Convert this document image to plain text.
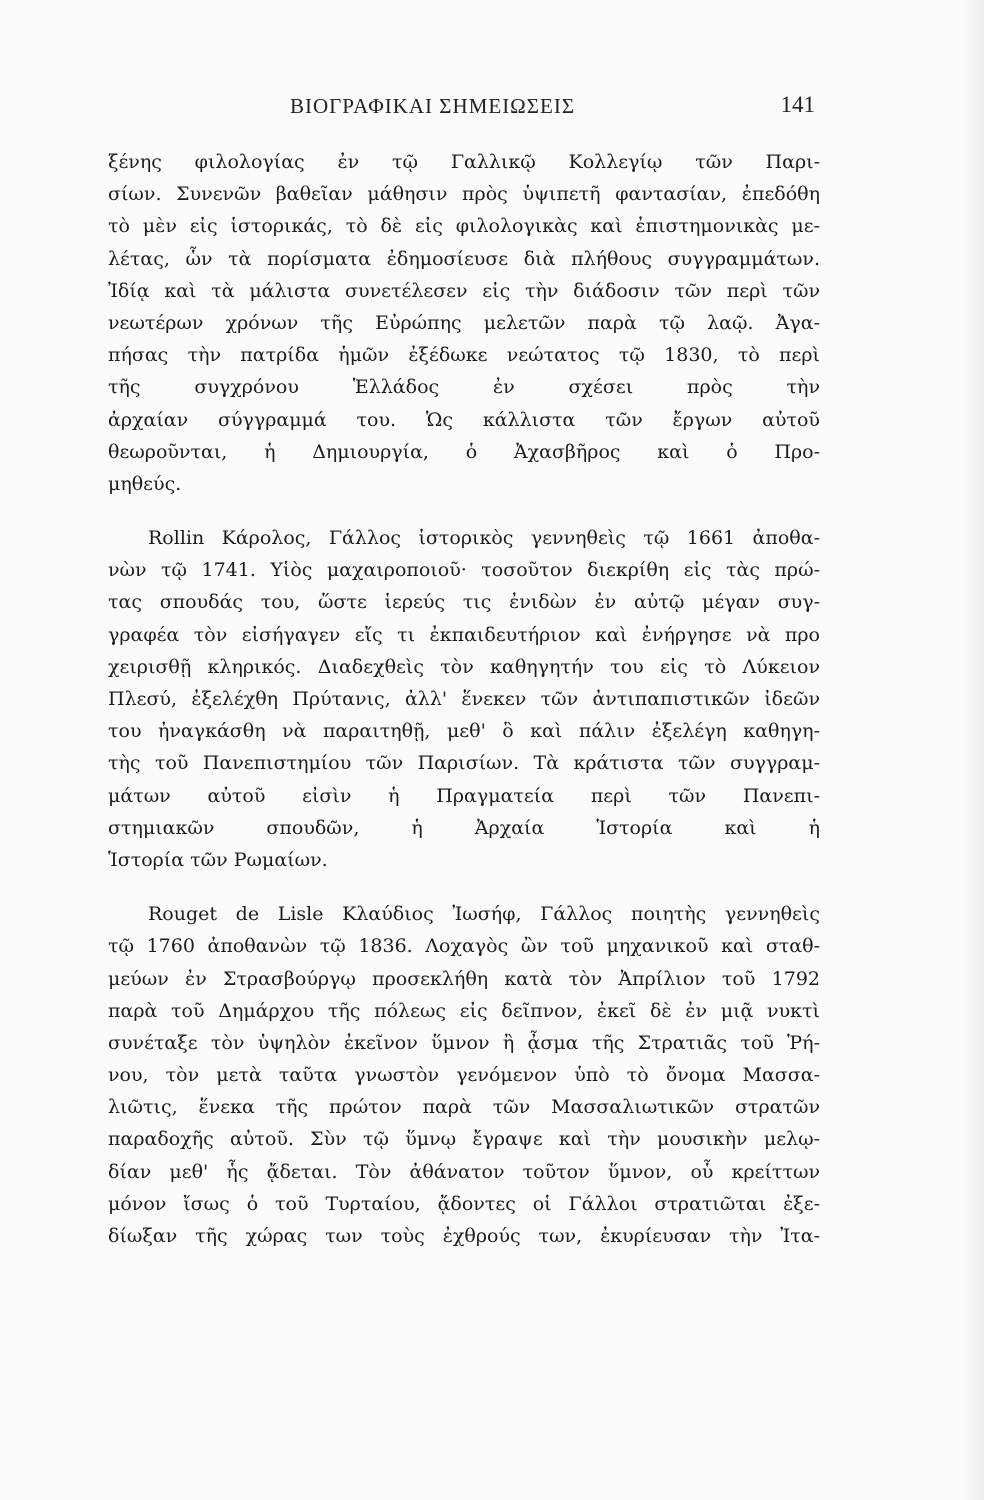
ΒΙΟΓΡΑΦΙΚΑΙ ΣΗΜΕΙΩΣΕΙΣ	141
ξένης φιλολογίας ἐν τῷ Γαλλικῷ Κολλεγίῳ τῶν Παρι-
σίων. Συνενῶν βαθεῖαν μάθησιν πρὸς ὑψιπετῆ φαντασίαν, ἐπεδόθη
τὸ μὲν εἰς ἱστορικάς, τὸ δὲ εἰς φιλολογικὰς καὶ ἐπιστημονικὰς με-
λέτας, ὧν τὰ πορίσματα ἐδημοσίευσε διὰ πλήθους συγγραμμάτων.
Ἰδίᾳ καὶ τὰ μάλιστα συνετέλεσεν εἰς τὴν διάδοσιν τῶν περὶ τῶν
νεωτέρων χρόνων τῆς Εὐρώπης μελετῶν παρὰ τῷ λαῷ. Ἀγα-
πήσας τὴν πατρίδα ἡμῶν ἐξέδωκε νεώτατος τῷ 1830, τὸ περὶ
τῆς συγχρόνου Ἑλλάδος ἐν σχέσει πρὸς τὴν
ἀρχαίαν σύγγραμμά του. Ὡς κάλλιστα τῶν ἔργων αὐτοῦ
θεωροῦνται, ἡ Δημιουργία, ὁ Ἀχασβῆρος καὶ ὁ Προ-
μηθεύς.
Rollin Κάρολος, Γάλλος ἱστορικὸς γεννηθεὶς τῷ 1661 ἀποθα-
νὼν τῷ 1741. Υἱὸς μαχαιροποιοῦ· τοσοῦτον διεκρίθη εἰς τὰς πρώ-
τας σπουδάς του, ὥστε ἱερεύς τις ἐνιδὼν ἐν αὐτῷ μέγαν συγ-
γραφέα τὸν εἰσήγαγεν εἴς τι ἐκπαιδευτήριον καὶ ἐνήργησε νὰ προ
χειρισθῇ κληρικός. Διαδεχθεὶς τὸν καθηγητήν του εἰς τὸ Λύκειον
Πλεσύ, ἐξελέχθη Πρύτανις, ἀλλ' ἕνεκεν τῶν ἀντιπαπιστικῶν ἰδεῶν
του ἠναγκάσθη νὰ παραιτηθῇ, μεθ' ὃ καὶ πάλιν ἐξελέγη καθηγη-
τὴς τοῦ Πανεπιστημίου τῶν Παρισίων. Τὰ κράτιστα τῶν συγγραμ-
μάτων αὐτοῦ εἰσὶν ἡ Πραγματεία περὶ τῶν Πανεπι-
στημιακῶν σπουδῶν, ἡ Ἀρχαία Ἱστορία καὶ ἡ
Ἱστορία τῶν Ρωμαίων.
Rouget de Lisle Κλαύδιος Ἰωσήφ, Γάλλος ποιητὴς γεννηθεὶς
τῷ 1760 ἀποθανὼν τῷ 1836. Λοχαγὸς ὢν τοῦ μηχανικοῦ καὶ σταθ-
μεύων ἐν Στρασβούργῳ προσεκλήθη κατὰ τὸν Ἀπρίλιον τοῦ 1792
παρὰ τοῦ Δημάρχου τῆς πόλεως εἰς δεῖπνον, ἐκεῖ δὲ ἐν μιᾷ νυκτὶ
συνέταξε τὸν ὑψηλὸν ἐκεῖνον ὕμνον ἢ ᾆσμα τῆς Στρατιᾶς τοῦ Ῥή-
νου, τὸν μετὰ ταῦτα γνωστὸν γενόμενον ὑπὸ τὸ ὄνομα Μασσα-
λιῶτις, ἕνεκα τῆς πρώτον παρὰ τῶν Μασσαλιωτικῶν στρατῶν
παραδοχῆς αὐτοῦ. Σὺν τῷ ὕμνῳ ἔγραψε καὶ τὴν μουσικὴν μελῳ-
δίαν μεθ' ἧς ᾄδεται. Τὸν ἀθάνατον τοῦτον ὕμνον, οὗ κρείττων
μόνον ἴσως ὁ τοῦ Τυρταίου, ᾄδοντες οἱ Γάλλοι στρατιῶται ἐξε-
δίωξαν τῆς χώρας των τοὺς ἐχθρούς των, ἐκυρίευσαν τὴν Ἰτα-
